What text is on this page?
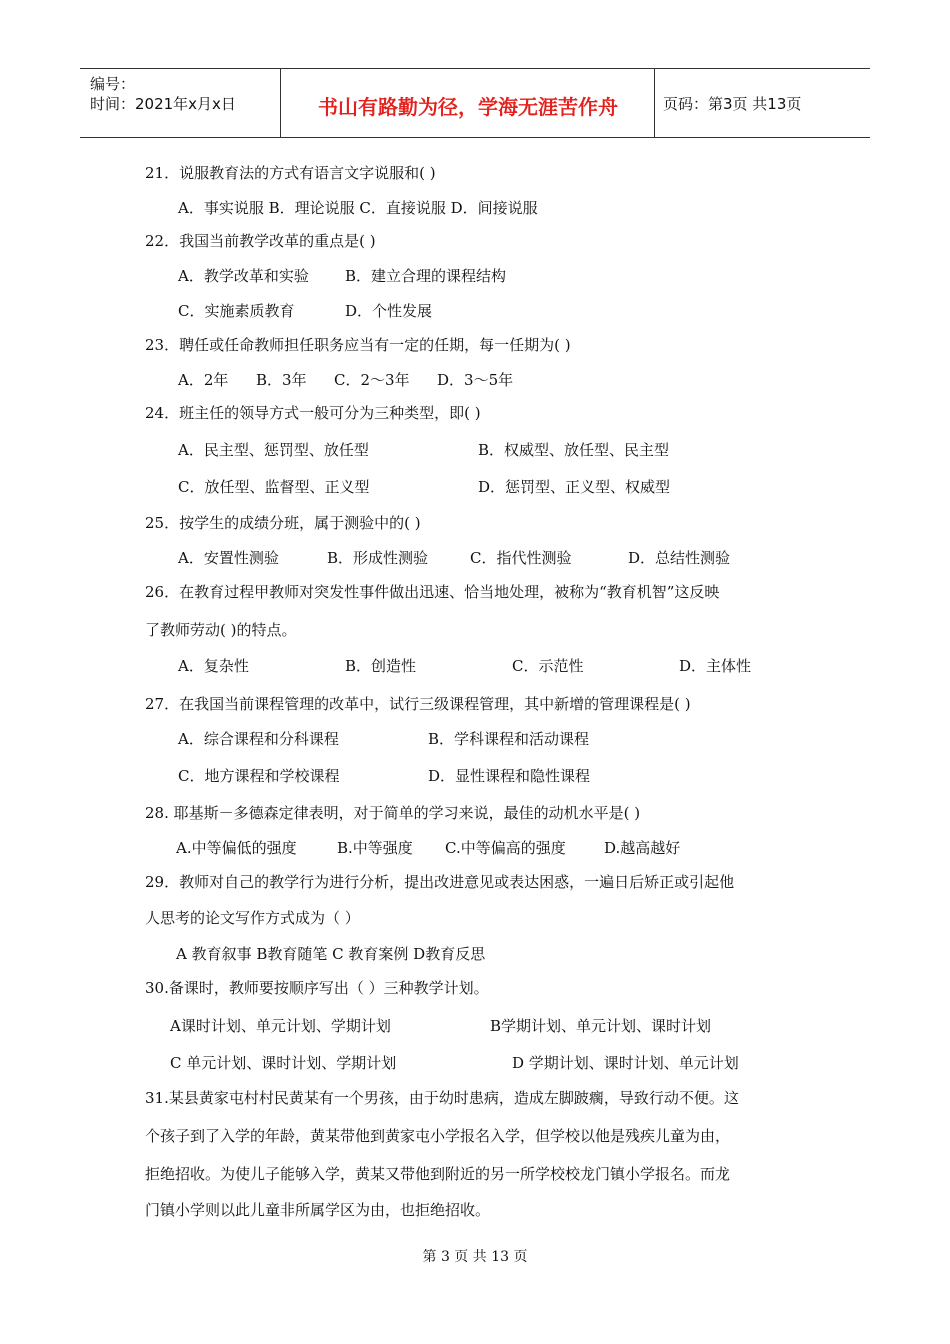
编号：
时间：2021年x月x日	书山有路勤为径，学海无涯苦作舟	页码：第3页 共13页
21．说服教育法的方式有语言文字说服和( )
A．事实说服 B．理论说服 C．直接说服 D．间接说服
22．我国当前教学改革的重点是( )
A．教学改革和实验 B．建立合理的课程结构
C．实施素质教育	D．个性发展
23．聘任或任命教师担任职务应当有一定的任期，每一任期为( )
A．2年 B．3年 C．2～3年 D．3～5年
24．班主任的领导方式一般可分为三种类型，即( )
A．民主型、惩罚型、放任型	B．权威型、放任型、民主型
C．放任型、监督型、正义型	D．惩罚型、正义型、权威型
25．按学生的成绩分班，属于测验中的( )
A．安置性测验	B．形成性测验	C．指代性测验	D．总结性测验
26．在教育过程甲教师对突发性事件做出迅速、恰当地处理，被称为“教育机智”这反映
了教师劳动( )的特点。
A．复杂性	B．创造性	C．示范性	D．主体性
27．在我国当前课程管理的改革中，试行三级课程管理，其中新增的管理课程是( )
A．综合课程和分科课程	B．学科课程和活动课程
C．地方课程和学校课程	D．显性课程和隐性课程
28. 耶基斯－多德森定律表明，对于简单的学习来说，最佳的动机水平是( )
A.中等偏低的强度	B.中等强度 C.中等偏高的强度	D.越高越好
29．教师对自己的教学行为进行分析，提出改进意见或表达困惑，一遍日后矫正或引起他
人思考的论文写作方式成为（ ）
A 教育叙事 B教育随笔 C 教育案例 D教育反思
30.备课时，教师要按顺序写出（ ）三种教学计划。
A课时计划、单元计划、学期计划	B学期计划、单元计划、课时计划
C 单元计划、课时计划、学期计划	D 学期计划、课时计划、单元计划
31.某县黄家屯村村民黄某有一个男孩，由于幼时患病，造成左脚跛瘸，导致行动不便。这
个孩子到了入学的年龄，黄某带他到黄家屯小学报名入学，但学校以他是残疾儿童为由，
拒绝招收。为使儿子能够入学，黄某又带他到附近的另一所学校校龙门镇小学报名。而龙
门镇小学则以此儿童非所属学区为由，也拒绝招收。
第 3 页 共 13 页
